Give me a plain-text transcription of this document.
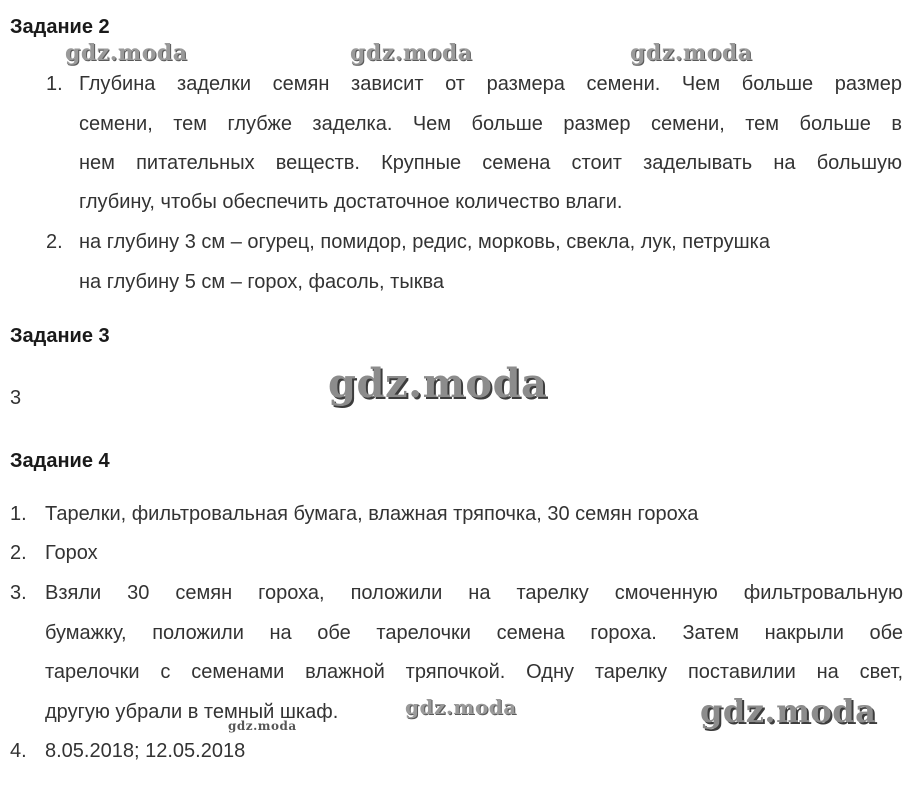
Задание 2
1. Глубина заделки семян зависит от размера семени. Чем больше размер
семени, тем глубже заделка. Чем больше размер семени, тем больше в
нем питательных веществ. Крупные семена стоит заделывать на большую
глубину, чтобы обеспечить достаточное количество влаги.
2. на глубину 3 см – огурец, помидор, редис, морковь, свекла, лук, петрушка
на глубину 5 см – горох, фасоль, тыква
Задание 3
3
Задание 4
1. Тарелки, фильтровальная бумага, влажная тряпочка, 30 семян гороха
2. Горох
3. Взяли 30 семян гороха, положили на тарелку смоченную фильтровальную
бумажку, положили на обе тарелочки семена гороха. Затем накрыли обе
тарелочки с семенами влажной тряпочкой. Одну тарелку поставилии на свет,
другую убрали в темный шкаф.
4. 8.05.2018; 12.05.2018
gdz.moda	gdz.moda	gdz.moda
gdz.moda
gdz.moda
gdz.moda	gdz.moda
